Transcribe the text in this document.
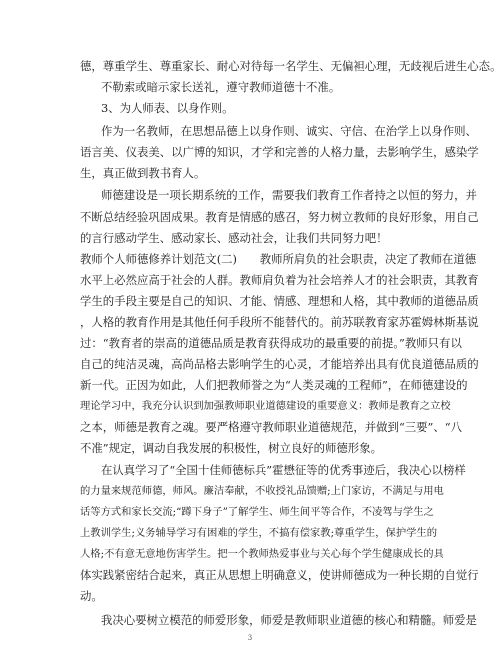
德，尊重学生、尊重家长、耐心对待每一名学生、无偏袒心理，无歧视后进生心态。
不勒索或暗示家长送礼，遵守教师道德十不准。
3、为人师表、以身作则。
作为一名教师，在思想品德上以身作则、诚实、守信、在治学上以身作则、
语言美、仪表美、以广博的知识，才学和完善的人格力量，去影响学生，感染学
生，真正做到教书育人。
师德建设是一项长期系统的工作，需要我们教育工作者持之以恒的努力，并
不断总结经验巩固成果。教育是情感的感召，努力树立教师的良好形象，用自己
的言行感动学生、感动家长、感动社会，让我们共同努力吧！
教师个人师德修养计划范文(二)　　教师所肩负的社会职责，决定了教师在道德
水平上必然应高于社会的人群。教师肩负着为社会培养人才的社会职责，其教育
学生的手段主要是自己的知识、才能、情感、理想和人格，其中教师的道德品质
，人格的教育作用是其他任何手段所不能替代的。前苏联教育家苏霍姆林斯基说
过：“教育者的崇高的道德品质是教育获得成功的最重要的前提。”教师只有以
自己的纯洁灵魂，高尚品格去影响学生的心灵，才能培养出具有优良道德品质的
新一代。正因为如此，人们把教师誉之为“人类灵魂的工程师”，在师德建设的
理论学习中，我充分认识到加强教师职业道德建设的重要意义：教师是教育之立校
之本，师德是教育之魂。要严格遵守教师职业道德规范，并做到“三要”、“八
不准”规定，调动自我发展的积极性，树立良好的师德形象。
在认真学习了“全国十佳师德标兵”霍懋征等的优秀事迹后，我决心以榜样
的力量来规范师德，师风。廉洁奉献，不收授礼品馈赠;上门家访，不满足与用电
话等方式和家长交流;“蹲下身子”了解学生、师生间平等合作，不凌驾与学生之
上教训学生;义务辅导学习有困难的学生，不搞有偿家教;尊重学生，保护学生的
人格;不有意无意地伤害学生。把一个教师热爱事业与关心每个学生健康成长的具
体实践紧密结合起来，真正从思想上明确意义，使讲师德成为一种长期的自觉行
动。
我决心要树立模范的师爱形象，师爱是教师职业道德的核心和精髓。师爱是
3
